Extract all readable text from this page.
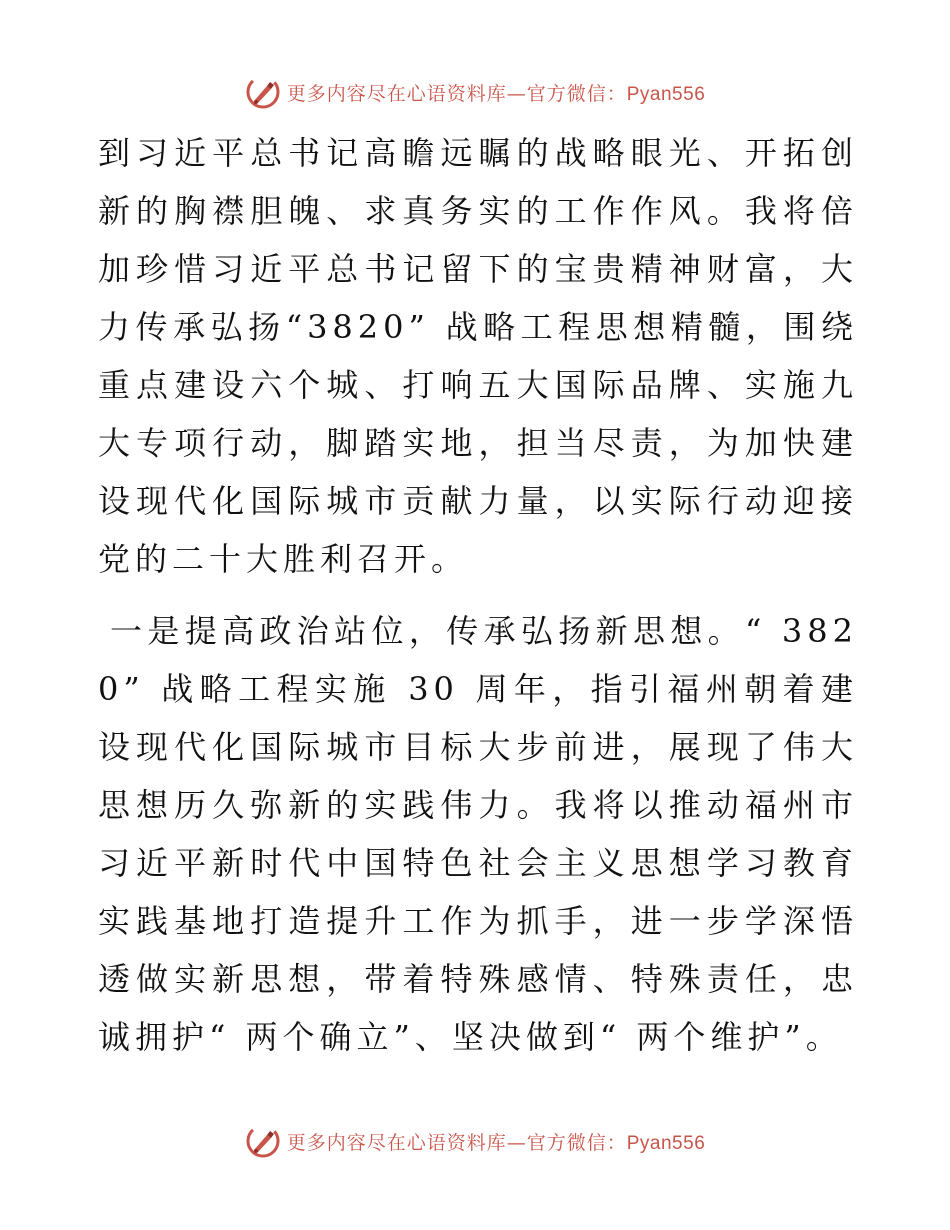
更多内容尽在心语资料库—官方微信：Pyan556

到习近平总书记高瞻远瞩的战略眼光、开拓创新的胸襟胆魄、求真务实的工作作风。我将倍加珍惜习近平总书记留下的宝贵精神财富，大力传承弘扬“3820” 战略工程思想精髓，围绕重点建设六个城、打响五大国际品牌、实施九大专项行动，脚踏实地，担当尽责，为加快建设现代化国际城市贡献力量，以实际行动迎接党的二十大胜利召开。

一是提高政治站位，传承弘扬新思想。“ 3820” 战略工程实施 30 周年，指引福州朝着建设现代化国际城市目标大步前进，展现了伟大思想历久弥新的实践伟力。我将以推动福州市习近平新时代中国特色社会主义思想学习教育实践基地打造提升工作为抓手，进一步学深悟透做实新思想，带着特殊感情、特殊责任，忠诚拥护“ 两个确立”、坚决做到“ 两个维护”。

更多内容尽在心语资料库—官方微信：Pyan556
